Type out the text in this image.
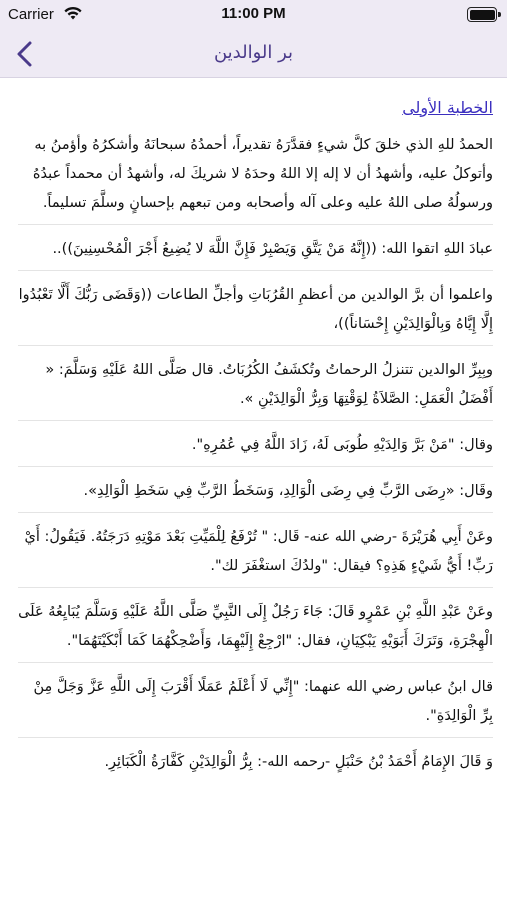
Carrier	11:00 PM
بر الوالدين
الخطبة الأولى

الحمدُ للهِ الذي خلقَ كلَّ شيءٍ فقدَّرَهُ تقديراً، أحمدُهُ سبحانَهُ وأشكرُهُ وأؤمنُ به وأتوكلُ عليه، وأشهدُ أن لا إله إلا اللهُ وحدَهُ لا شريكَ له، وأشهدُ أن محمداً عبدُهُ ورسولُهُ صلى اللهُ عليه وعلى آله وأصحابه ومن تبعهم بإحسانٍ وسلَّمَ تسليماً.

عبادَ اللهِ اتقوا الله: ((إِنَّهُ مَنْ يَتَّقِ وَيَصْبِرْ فَإِنَّ اللَّهَ لا يُضِيعُ أَجْرَ الْمُحْسِنِينَ))..

واعلموا أن برَّ الوالدين من أعظمِ القُرُبَاتِ وأجلِّ الطاعات ((وَقَضَى رَبُّكَ أَلَّا تَعْبُدُوا إِلَّا إِيَّاهُ وَبِالْوَالِدَيْنِ إِحْسَاناً))،

وبِبِرِّ الوالدين تتنزلُ الرحماتُ وتُكشَفُ الكُرُبَاتُ. قال صَلَّى اللهُ عَلَيْهِ وَسَلَّمَ: « أَفْضَلُ الْعَمَلِ: الصَّلاَةُ لِوَقْتِهَا وَبِرُّ الْوَالِدَيْنِ ».

وقال: "مَنْ بَرَّ وَالِدَيْهِ طُوبَى لَهُ، زَادَ اللَّهُ فِي عُمُرِهِ".

وقَال: «رِضَى الرَّبِّ فِي رِضَى الْوَالِدِ، وَسَخَطُ الرَّبِّ فِي سَخَطِ الْوَالِدِ».

وعَنْ أَبِي هُرَيْرَةَ -رضي الله عنه- قَال: " تُرْفَعُ لِلْمَيِّتِ بَعْدَ مَوْتِهِ دَرَجَتُهُ. فَيَقُولُ: أَيْ رَبِّ! أَيُّ شَيْءٍ هَذِهِ؟ فيقال: "ولدُكَ استغْفَرَ لك".

وعَنْ عَبْدِ اللَّهِ بْنِ عَمْرٍو قَالَ: جَاءَ رَجُلٌ إِلَى النَّبِيِّ صَلَّى اللَّهُ عَلَيْهِ وَسَلَّمَ يُبَايِعُهُ عَلَى الْهِجْرَةِ، وَتَرَكَ أَبَوَيْهِ يَبْكِيَانِ، فقال: "ارْجِعْ إِلَيْهِمَا، وَأَضْحِكْهُمَا كَمَا أَبْكَيْتَهُمَا".

قال ابنُ عباس رضي الله عنهما: "إِنِّي لَا أَعْلَمُ عَمَلًا أَقْرَبَ إِلَى اللَّهِ عَزَّ وَجَلَّ مِنْ بِرِّ الْوَالِدَةِ".

وَ قَالَ الإِمَامُ أَحْمَدُ بْنُ حَنْبَلٍ -رحمه الله-: بِرُّ الْوَالِدَيْنِ كَفَّارَةُ الْكَبَائِرِ.
